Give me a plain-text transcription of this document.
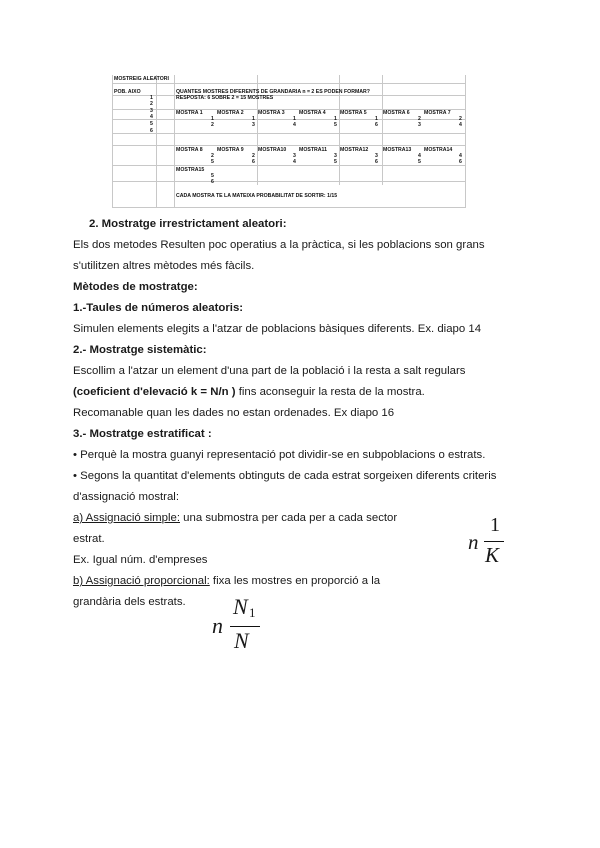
MOSTREIG ALEATORI
POB. AIXO
1
2
3
4
5
6
QUANTES MOSTRES DIFERENTS DE GRANDARIA n = 2 ES PODEN FORMAR?
RESPOSTA: 6 SOBRE 2 = 15 MOSTRES
MOSTRA15
5
6
CADA MOSTRA TE LA MATEIXA PROBABILITAT DE SORTIR: 1/15
MOSTRA 1
1
2
MOSTRA 2
1
3
MOSTRA 3
1
4
MOSTRA 4
1
5
MOSTRA 5
1
6
MOSTRA 6
2
3
MOSTRA 7
2
4
MOSTRA 8
2
5
MOSTRA 9
2
6
MOSTRA10
3
4
MOSTRA11
3
5
MOSTRA12
3
6
MOSTRA13
4
5
MOSTRA14
4
6
2. Mostratge irrestrictament aleatori:
Els dos metodes Resulten poc operatius a la pràctica, si les poblacions son grans
s'utilitzen altres mètodes més fàcils.
Mètodes de mostratge:
1.-Taules de números aleatoris:
Simulen elements elegits a l'atzar de poblacions bàsiques diferents. Ex. diapo 14
2.- Mostratge sistemàtic:
Escollim a l'atzar un element d'una part de la població i la resta a salt regulars
(coeficient d'elevació k = N/n ) fins aconseguir la resta de la mostra.
Recomanable quan les dades no estan ordenades. Ex diapo 16
3.- Mostratge estratificat :
• Perquè la mostra guanyi representació pot dividir-se en subpoblacions o estrats.
• Segons la quantitat d'elements obtinguts de cada estrat sorgeixen diferents criteris
d'assignació mostral:
a) Assignació simple: una submostra per cada per a cada sector
estrat.
Ex. Igual núm. d'empreses
b) Assignació proporcional: fixa les mostres en proporció a la
grandària dels estrats.
n
1
K
n
N 1
N
